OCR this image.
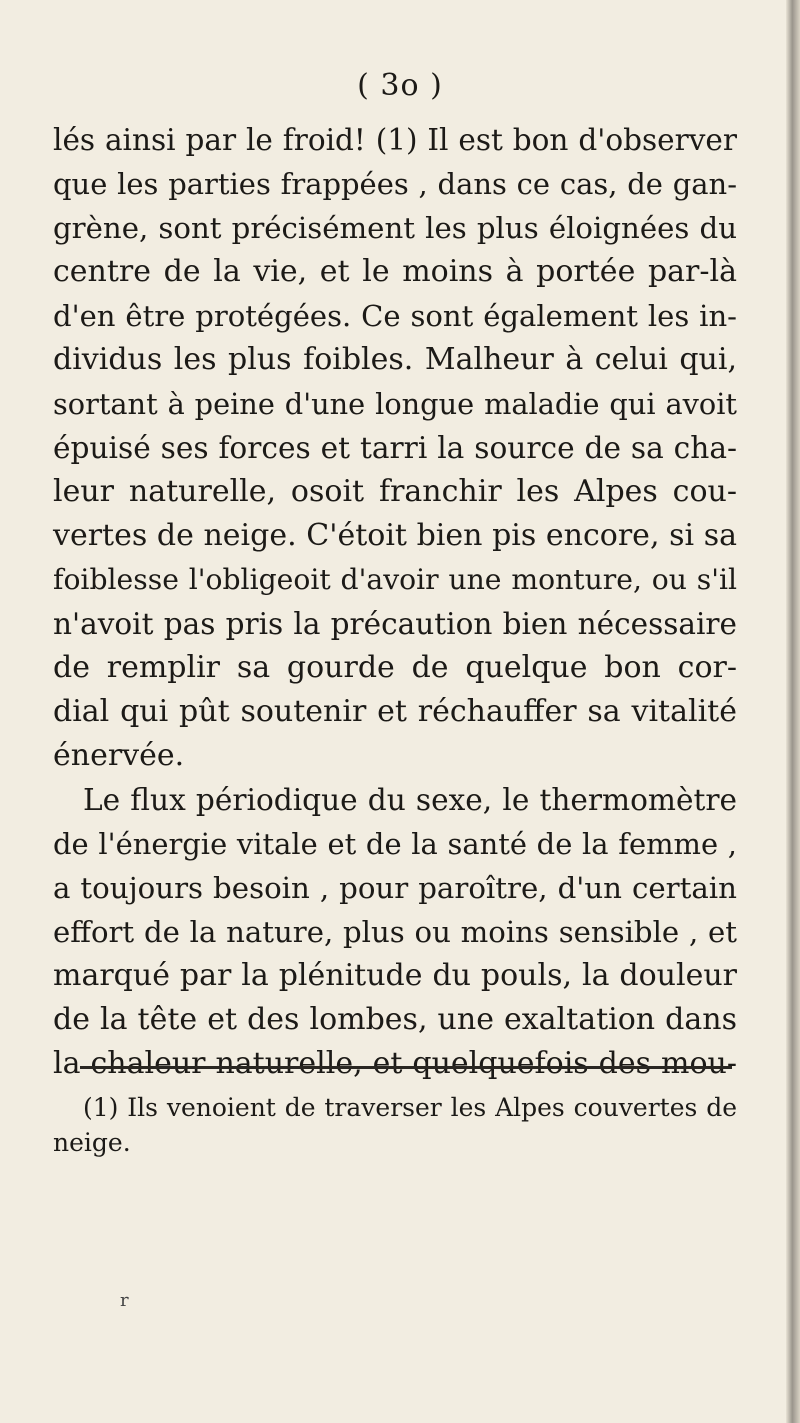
( 3o )
lés ainsi par le froid! (1) Il est bon d'observer
que les parties frappées , dans ce cas, de gan-
grène, sont précisément les plus éloignées du
centre de la vie, et le moins à portée par-là
d'en être protégées. Ce sont également les in-
dividus les plus foibles. Malheur à celui qui,
sortant à peine d'une longue maladie qui avoit
épuisé ses forces et tarri la source de sa cha-
leur naturelle, osoit franchir les Alpes cou-
vertes de neige. C'étoit bien pis encore, si sa
foiblesse l'obligeoit d'avoir une monture, ou s'il
n'avoit pas pris la précaution bien nécessaire
de remplir sa gourde de quelque bon cor-
dial qui pût soutenir et réchauffer sa vitalité
énervée.
Le flux périodique du sexe, le thermomètre
de l'énergie vitale et de la santé de la femme ,
a toujours besoin , pour paroître, d'un certain
effort de la nature, plus ou moins sensible , et
marqué par la plénitude du pouls, la douleur
de la tête et des lombes, une exaltation dans
la chaleur naturelle, et quelquefois des mou-
(1) Ils venoient de traverser les Alpes couvertes de
neige.
r
